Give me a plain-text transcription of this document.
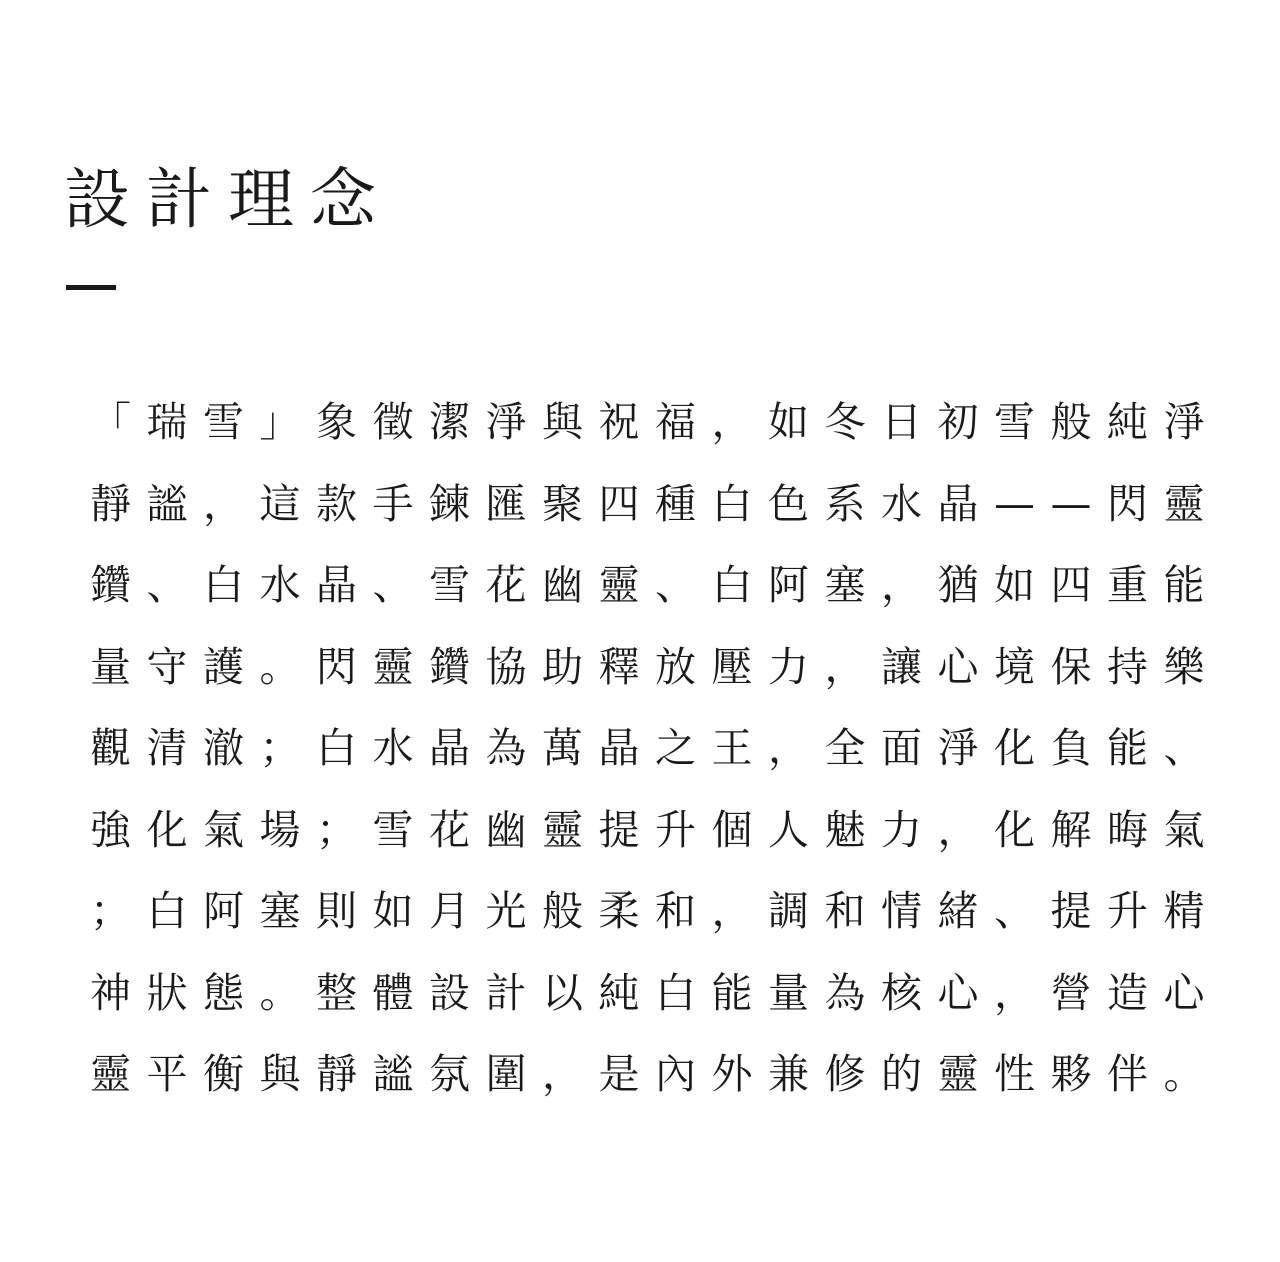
設計理念
「瑞雪」象徵潔淨與祝福，如冬日初雪般純淨
靜謐，這款手鍊匯聚四種白色系水晶——閃靈
鑽、白水晶、雪花幽靈、白阿塞，猶如四重能
量守護。閃靈鑽協助釋放壓力，讓心境保持樂
觀清澈；白水晶為萬晶之王，全面淨化負能、
強化氣場；雪花幽靈提升個人魅力，化解晦氣
；白阿塞則如月光般柔和，調和情緒、提升精
神狀態。整體設計以純白能量為核心，營造心
靈平衡與靜謐氛圍，是內外兼修的靈性夥伴。
